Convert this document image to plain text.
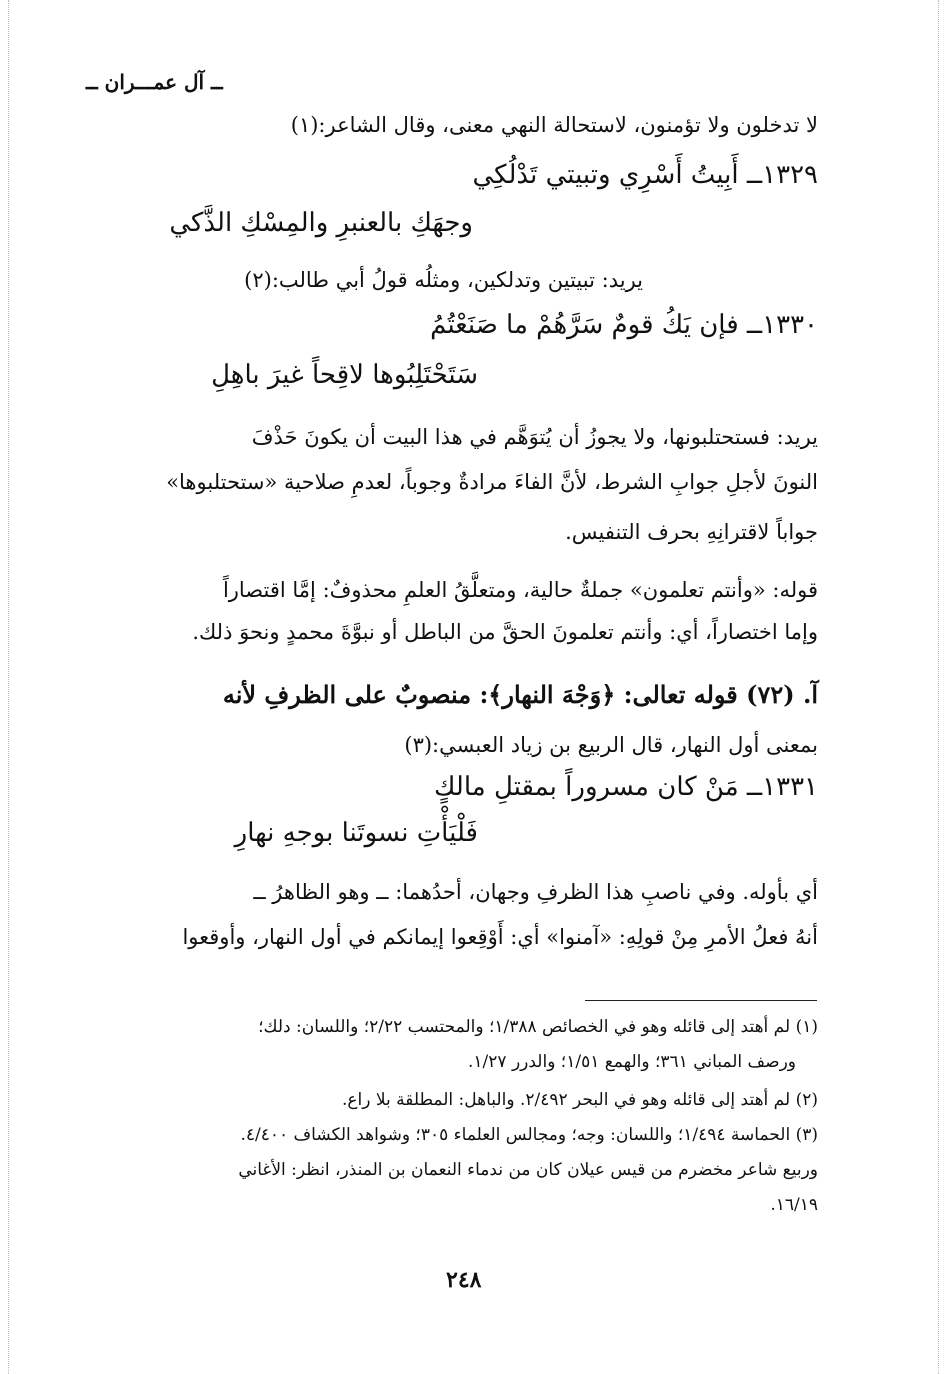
ــ آل عمـــران ــ
لا تدخلون ولا تؤمنون، لاستحالة النهي معنى، وقال الشاعر:(١)
١٣٢٩ــ أَبِيتُ أَسْرِي وتبيتي تَدْلُكِي
وجهَكِ بالعنبرِ والمِسْكِ الذَّكي
يريد: تبيتين وتدلكين، ومثلُه قولُ أبي طالب:(٢)
١٣٣٠ــ فإن يَكُ قومٌ سَرَّهُمْ ما صَنَعْتُمُ
سَتَحْتَلِبُوها لاقِحاً غيرَ باهِلِ
يريد: فستحتلبونها، ولا يجوزُ أن يُتوَهَّم في هذا البيت أن يكونَ حَذْفَ
النونَ لأجلِ جوابِ الشرط، لأنَّ الفاءَ مرادةٌ وجوباً، لعدمِ صلاحية «ستحتلبوها»
جواباً لاقترانِهِ بحرف التنفيس.
قوله: «وأنتم تعلمون» جملةٌ حالية، ومتعلَّقُ العلمِ محذوفٌ: إمَّا اقتصاراً
وإما اختصاراً، أي: وأنتم تعلمونَ الحقَّ من الباطل أو نبوَّةَ محمدٍ ونحوَ ذلك.
آ. (٧٢) قوله تعالى: ﴿وَجْهَ النهار﴾: منصوبٌ على الظرفِ لأنه
بمعنى أول النهار، قال الربيع بن زياد العبسي:(٣)
١٣٣١ــ مَنْ كان مسروراً بمقتلِ مالكٍ
فَلْيَأْتِ نسوتَنا بوجهِ نهارِ
أي بأوله. وفي ناصبِ هذا الظرفِ وجهان، أحدُهما: ــ وهو الظاهرُ ــ
أنهُ فعلُ الأمرِ مِنْ قولِهِ: «آمنوا» أي: أَوْقِعوا إيمانكم في أول النهار، وأوقعوا
(١) لم أهتد إلى قائله وهو في الخصائص ١/٣٨٨؛ والمحتسب ٢/٢٢؛ واللسان: دلك؛
ورصف المباني ٣٦١؛ والهمع ١/٥١؛ والدرر ١/٢٧.
(٢) لم أهتد إلى قائله وهو في البحر ٢/٤٩٢. والباهل: المطلقة بلا راع.
(٣) الحماسة ١/٤٩٤؛ واللسان: وجه؛ ومجالس العلماء ٣٠٥؛ وشواهد الكشاف ٤/٤٠٠.
وربيع شاعر مخضرم من قيس عيلان كان من ندماء النعمان بن المنذر، انظر: الأغاني
١٦/١٩.
٢٤٨
